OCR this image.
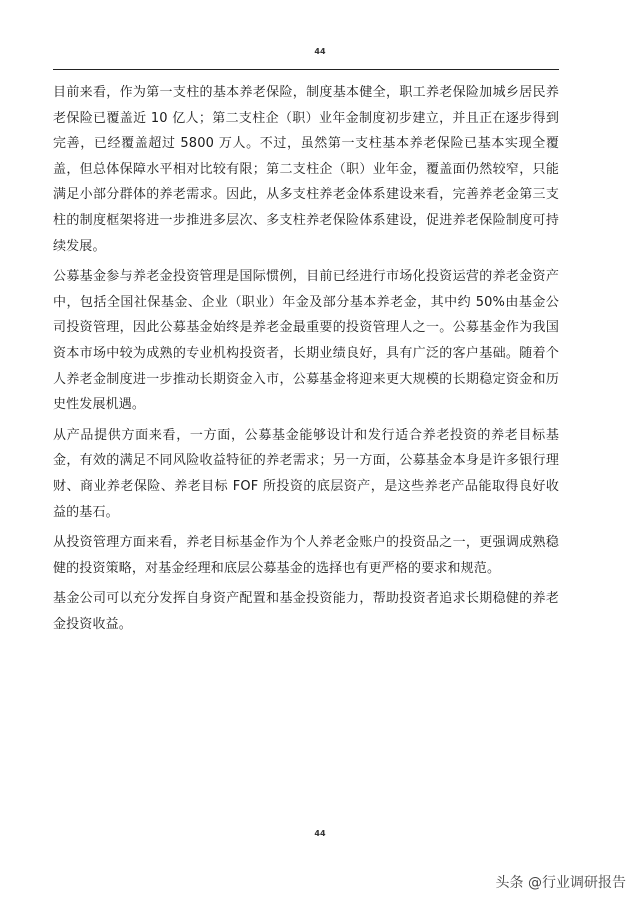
44

目前来看，作为第一支柱的基本养老保险，制度基本健全，职工养老保险加城乡居民养老保险已覆盖近 10 亿人；第二支柱企（职）业年金制度初步建立，并且正在逐步得到完善，已经覆盖超过 5800 万人。不过，虽然第一支柱基本养老保险已基本实现全覆盖，但总体保障水平相对比较有限；第二支柱企（职）业年金，覆盖面仍然较窄，只能满足小部分群体的养老需求。因此，从多支柱养老金体系建设来看，完善养老金第三支柱的制度框架将进一步推进多层次、多支柱养老保险体系建设，促进养老保险制度可持续发展。

公募基金参与养老金投资管理是国际惯例，目前已经进行市场化投资运营的养老金资产中，包括全国社保基金、企业（职业）年金及部分基本养老金，其中约 50%由基金公司投资管理，因此公募基金始终是养老金最重要的投资管理人之一。公募基金作为我国资本市场中较为成熟的专业机构投资者，长期业绩良好，具有广泛的客户基础。随着个人养老金制度进一步推动长期资金入市，公募基金将迎来更大规模的长期稳定资金和历史性发展机遇。

从产品提供方面来看，一方面，公募基金能够设计和发行适合养老投资的养老目标基金，有效的满足不同风险收益特征的养老需求；另一方面，公募基金本身是许多银行理财、商业养老保险、养老目标 FOF 所投资的底层资产，是这些养老产品能取得良好收益的基石。

从投资管理方面来看，养老目标基金作为个人养老金账户的投资品之一，更强调成熟稳健的投资策略，对基金经理和底层公募基金的选择也有更严格的要求和规范。

基金公司可以充分发挥自身资产配置和基金投资能力，帮助投资者追求长期稳健的养老金投资收益。

44
头条 @行业调研报告
